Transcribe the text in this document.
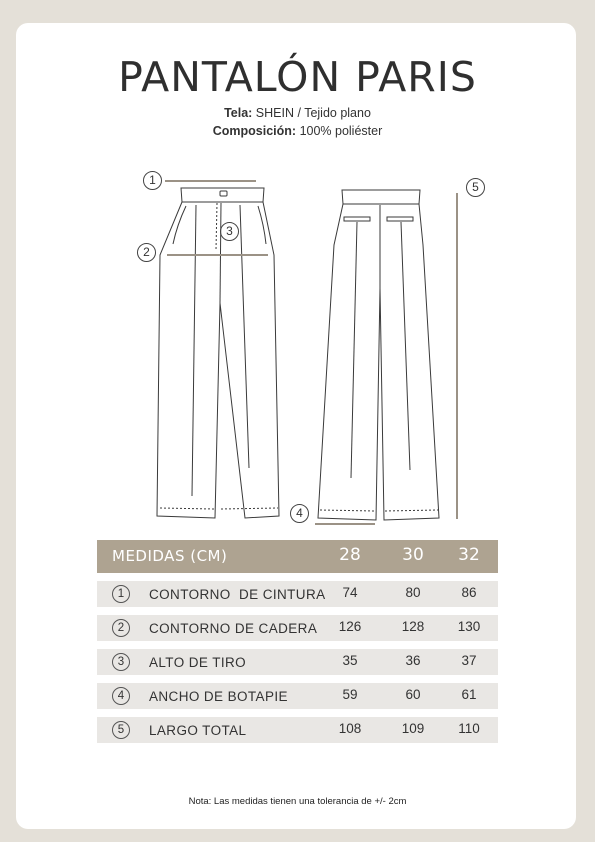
PANTALÓN PARIS
Tela: SHEIN / Tejido plano
Composición: 100% poliéster
1
2
3
4
5
MEDIDAS (CM)	28	30	32
1	CONTORNO  DE CINTURA	74	80	86
2	CONTORNO DE CADERA	126	128	130
3	ALTO DE TIRO	35	36	37
4	ANCHO DE BOTAPIE	59	60	61
5	LARGO TOTAL	108	109	110
Nota: Las medidas tienen una tolerancia de +/- 2cm
